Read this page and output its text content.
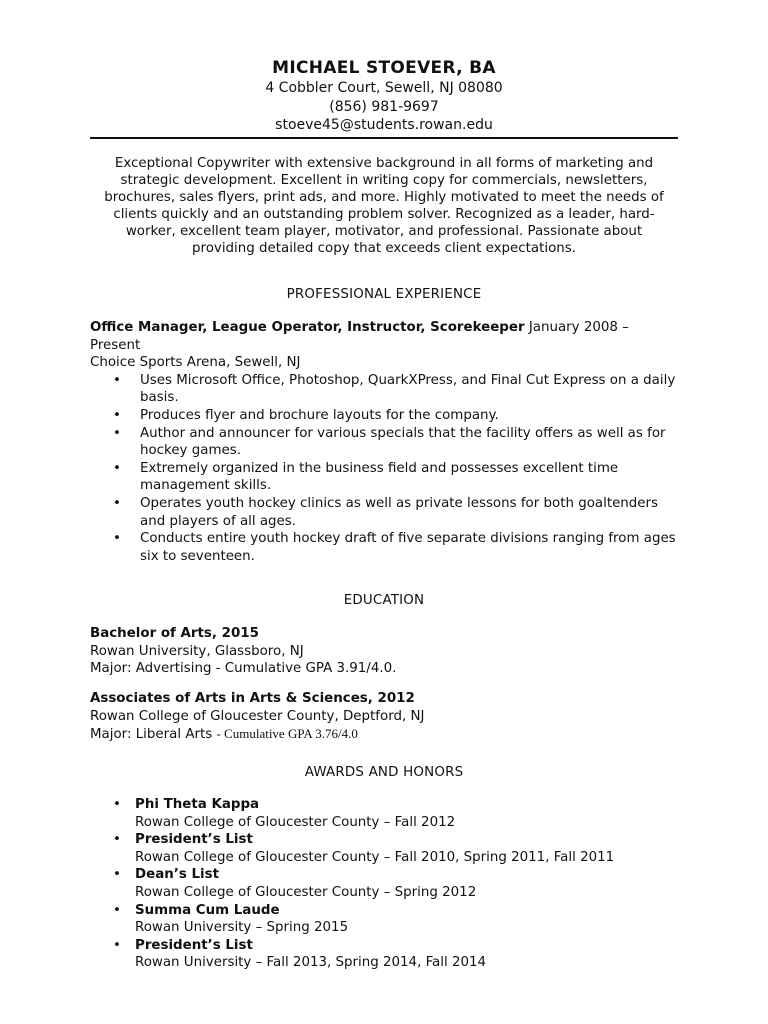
MICHAEL STOEVER, BA
4 Cobbler Court, Sewell, NJ 08080
(856) 981-9697
stoeve45@students.rowan.edu
Exceptional Copywriter with extensive background in all forms of marketing and strategic development. Excellent in writing copy for commercials, newsletters, brochures, sales flyers, print ads, and more. Highly motivated to meet the needs of clients quickly and an outstanding problem solver. Recognized as a leader, hard-worker, excellent team player, motivator, and professional. Passionate about providing detailed copy that exceeds client expectations.
PROFESSIONAL EXPERIENCE
Office Manager, League Operator, Instructor, Scorekeeper January 2008 – Present
Choice Sports Arena, Sewell, NJ
• Uses Microsoft Office, Photoshop, QuarkXPress, and Final Cut Express on a daily basis.
• Produces flyer and brochure layouts for the company.
• Author and announcer for various specials that the facility offers as well as for hockey games.
• Extremely organized in the business field and possesses excellent time management skills.
• Operates youth hockey clinics as well as private lessons for both goaltenders and players of all ages.
• Conducts entire youth hockey draft of five separate divisions ranging from ages six to seventeen.
EDUCATION
Bachelor of Arts, 2015
Rowan University, Glassboro, NJ
Major: Advertising - Cumulative GPA 3.91/4.0.
Associates of Arts in Arts & Sciences, 2012
Rowan College of Gloucester County, Deptford, NJ
Major: Liberal Arts - Cumulative GPA 3.76/4.0
AWARDS AND HONORS
• Phi Theta Kappa
Rowan College of Gloucester County – Fall 2012
• President’s List
Rowan College of Gloucester County – Fall 2010, Spring 2011, Fall 2011
• Dean’s List
Rowan College of Gloucester County – Spring 2012
• Summa Cum Laude
Rowan University – Spring 2015
• President’s List
Rowan University – Fall 2013, Spring 2014, Fall 2014
